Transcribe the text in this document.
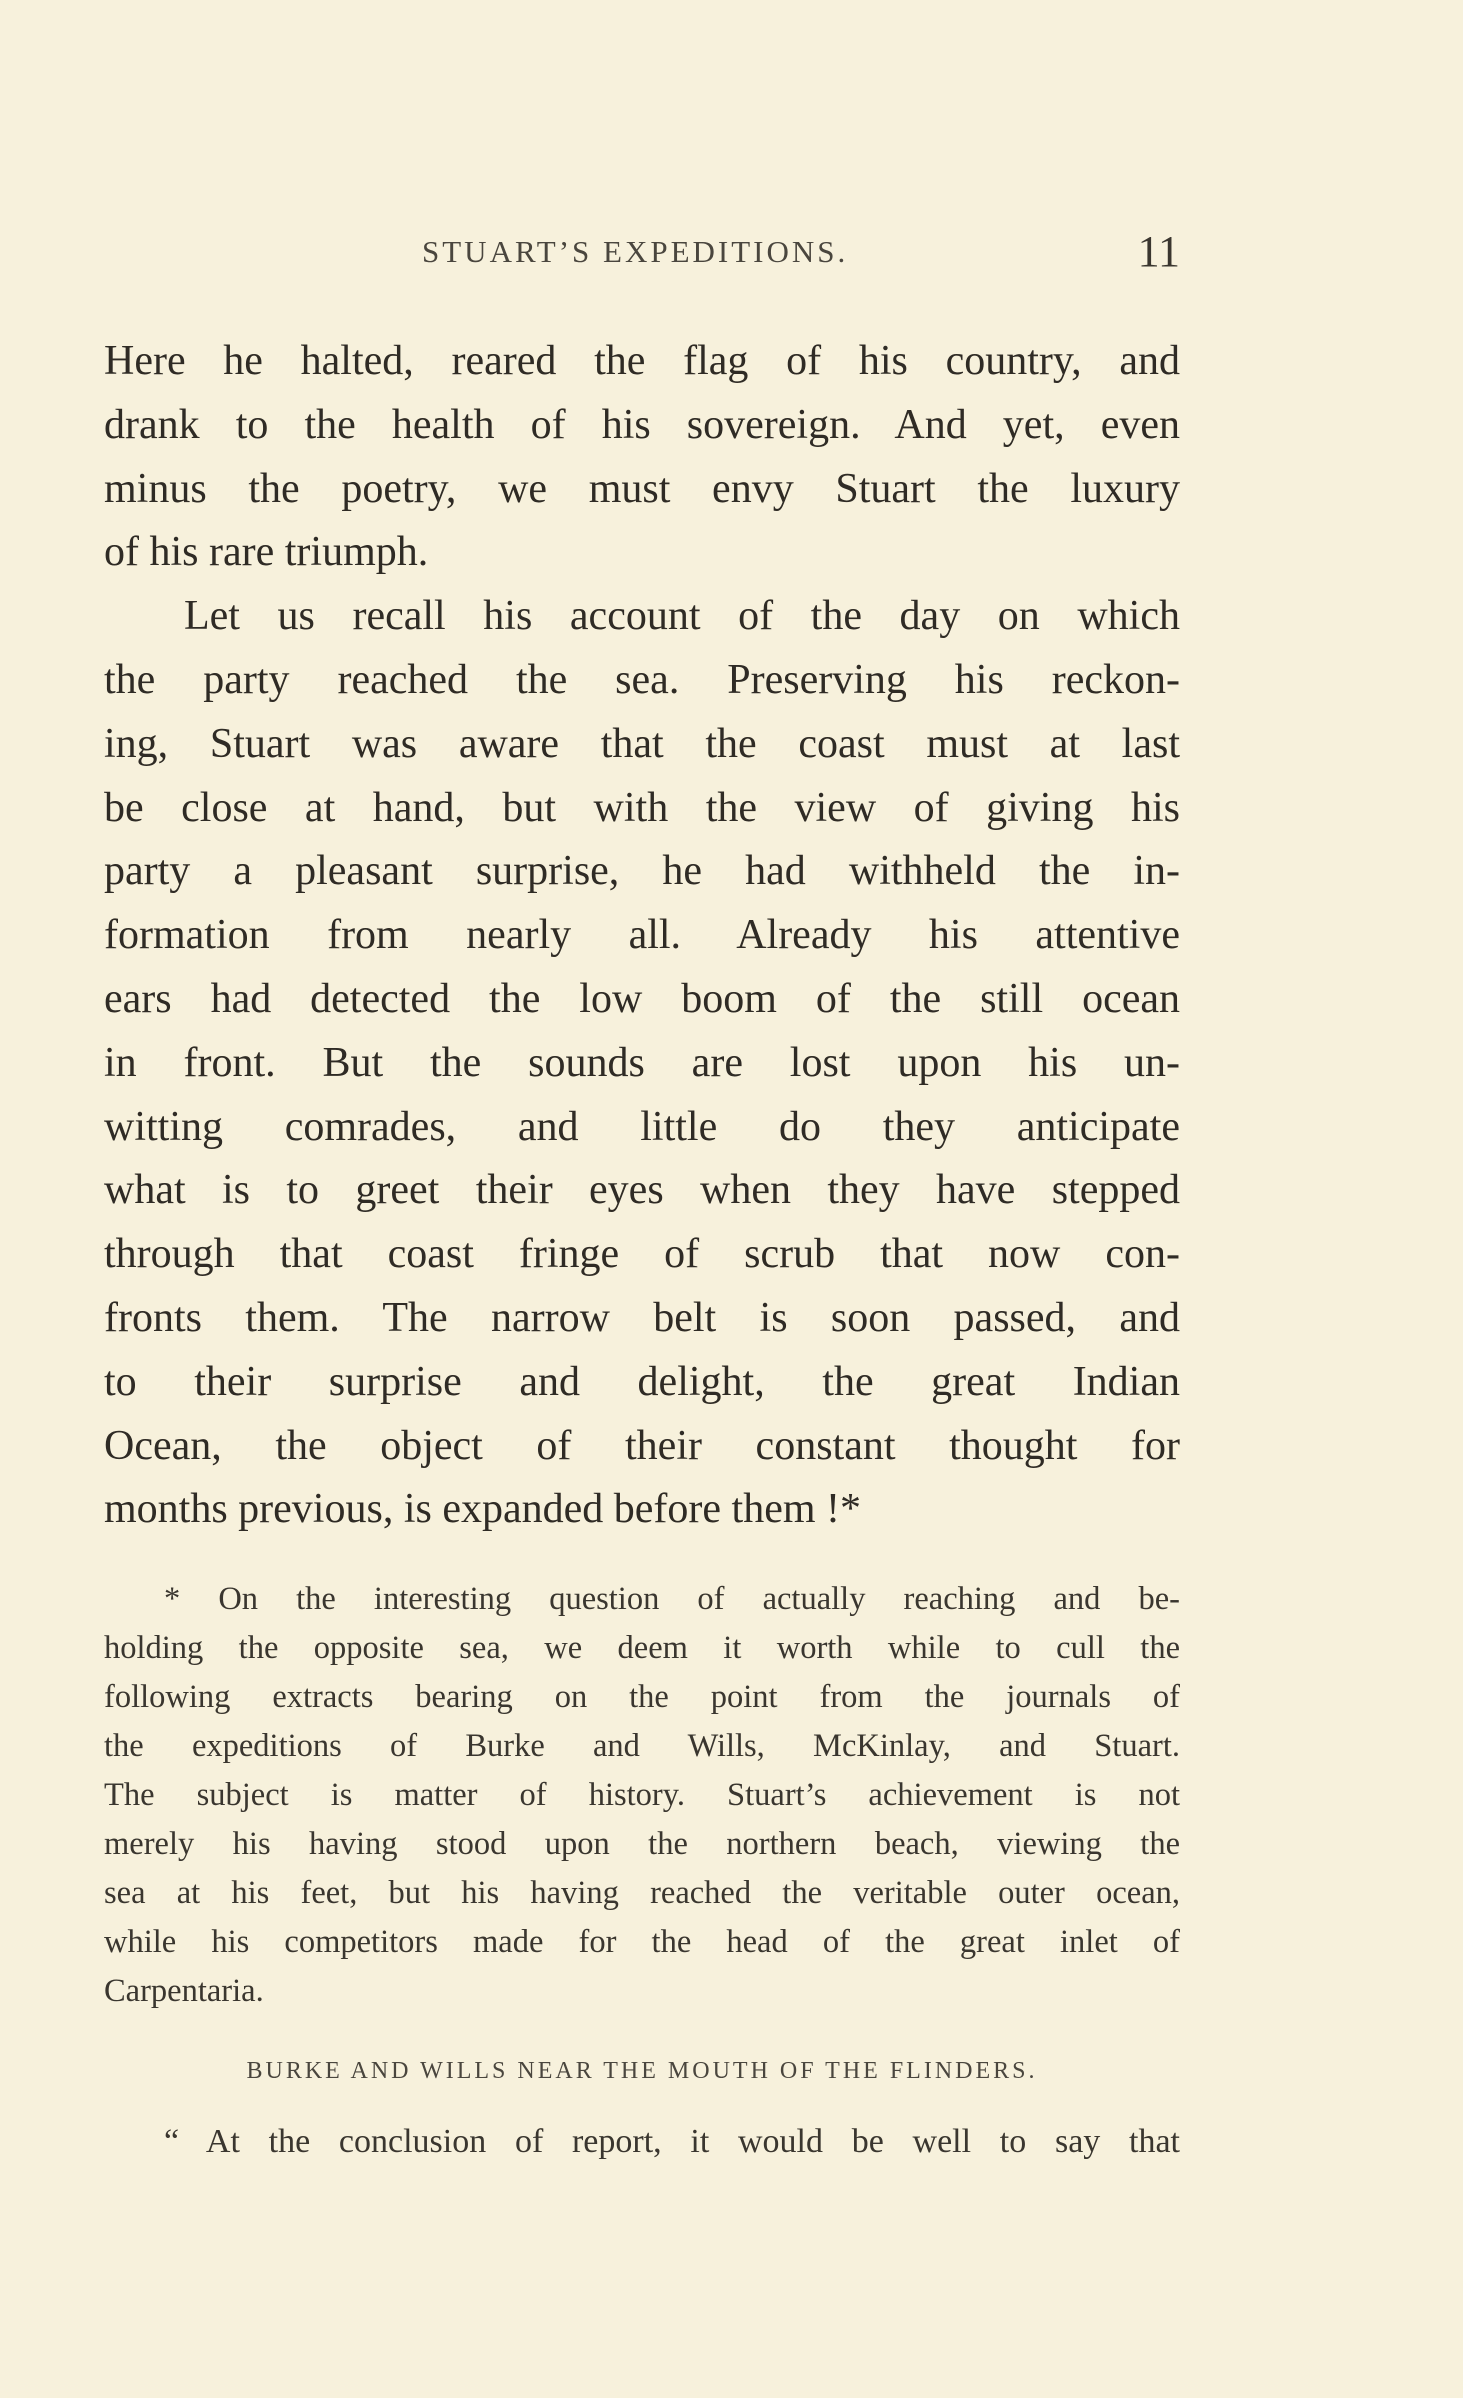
STUART’S EXPEDITIONS.	11
Here he halted, reared the flag of his country, and
drank to the health of his sovereign. And yet, even
minus the poetry, we must envy Stuart the luxury
of his rare triumph.
Let us recall his account of the day on which
the party reached the sea. Preserving his reckon-
ing, Stuart was aware that the coast must at last
be close at hand, but with the view of giving his
party a pleasant surprise, he had withheld the in-
formation from nearly all. Already his attentive
ears had detected the low boom of the still ocean
in front. But the sounds are lost upon his un-
witting comrades, and little do they anticipate
what is to greet their eyes when they have stepped
through that coast fringe of scrub that now con-
fronts them. The narrow belt is soon passed, and
to their surprise and delight, the great Indian
Ocean, the object of their constant thought for
months previous, is expanded before them !*
* On the interesting question of actually reaching and be-
holding the opposite sea, we deem it worth while to cull the
following extracts bearing on the point from the journals of
the expeditions of Burke and Wills, McKinlay, and Stuart.
The subject is matter of history. Stuart’s achievement is not
merely his having stood upon the northern beach, viewing the
sea at his feet, but his having reached the veritable outer ocean,
while his competitors made for the head of the great inlet of
Carpentaria.
BURKE AND WILLS NEAR THE MOUTH OF THE FLINDERS.
“ At the conclusion of report, it would be well to say that
